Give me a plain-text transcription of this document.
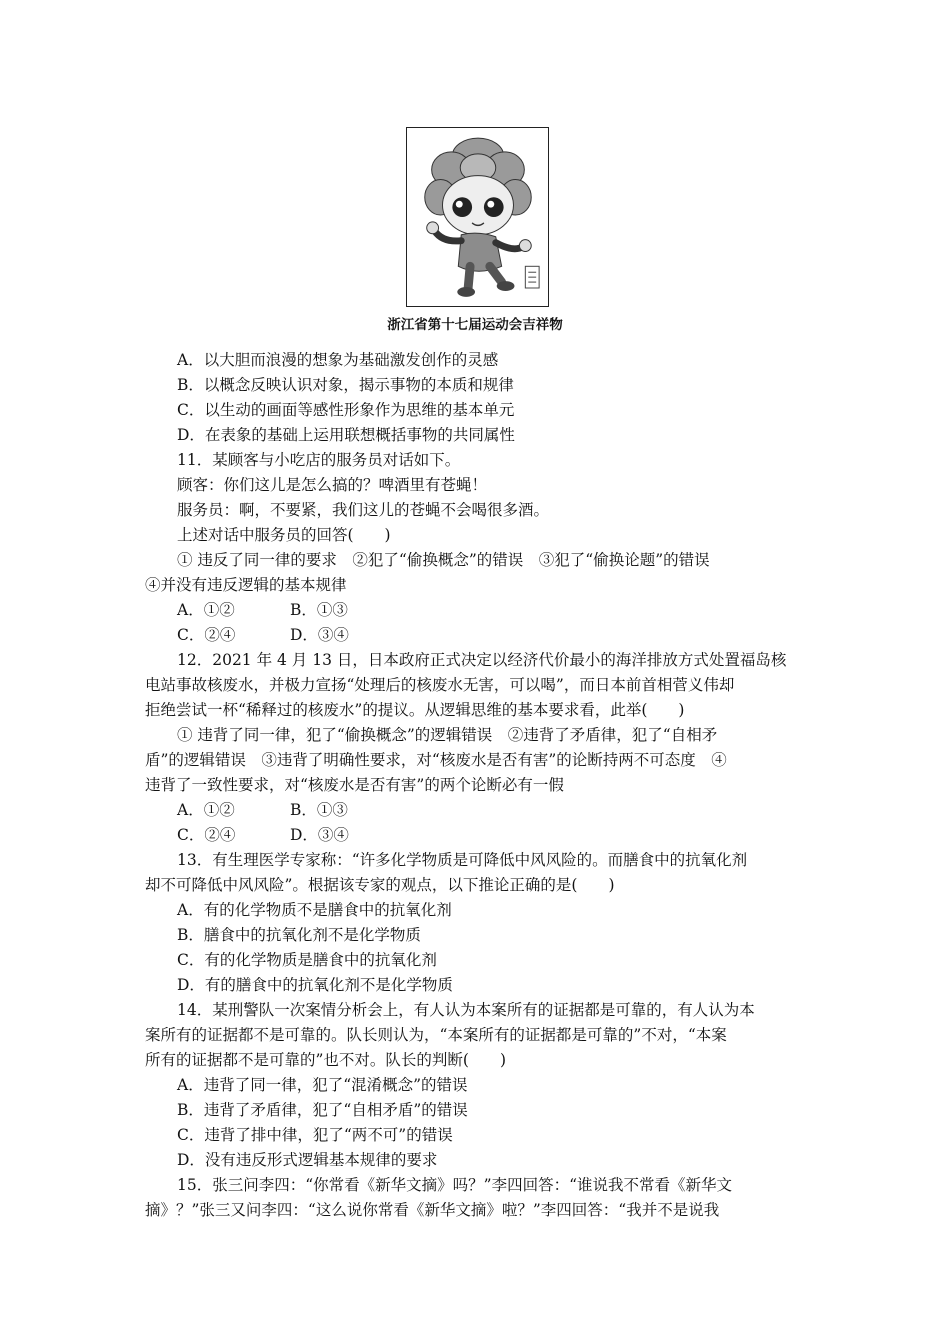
浙江省第十七届运动会吉祥物
A．以大胆而浪漫的想象为基础激发创作的灵感
B．以概念反映认识对象，揭示事物的本质和规律
C．以生动的画面等感性形象作为思维的基本单元
D．在表象的基础上运用联想概括事物的共同属性
11．某顾客与小吃店的服务员对话如下。
顾客：你们这儿是怎么搞的？啤酒里有苍蝇！
服务员：啊，不要紧，我们这儿的苍蝇不会喝很多酒。
上述对话中服务员的回答(　　)
① 违反了同一律的要求　②犯了“偷换概念”的错误　③犯了“偷换论题”的错误
④并没有违反逻辑的基本规律
A．①②	B．①③
C．②④	D．③④
12．2021 年 4 月 13 日，日本政府正式决定以经济代价最小的海洋排放方式处置福岛核
电站事故核废水，并极力宣扬“处理后的核废水无害，可以喝”，而日本前首相菅义伟却
拒绝尝试一杯“稀释过的核废水”的提议。从逻辑思维的基本要求看，此举(　　)
① 违背了同一律，犯了“偷换概念”的逻辑错误　②违背了矛盾律，犯了“自相矛
盾”的逻辑错误　③违背了明确性要求，对“核废水是否有害”的论断持两不可态度　④
违背了一致性要求，对“核废水是否有害”的两个论断必有一假
A．①②	B．①③
C．②④	D．③④
13．有生理医学专家称：“许多化学物质是可降低中风风险的。而膳食中的抗氧化剂
却不可降低中风风险”。根据该专家的观点，以下推论正确的是(　　)
A．有的化学物质不是膳食中的抗氧化剂
B．膳食中的抗氧化剂不是化学物质
C．有的化学物质是膳食中的抗氧化剂
D．有的膳食中的抗氧化剂不是化学物质
14．某刑警队一次案情分析会上，有人认为本案所有的证据都是可靠的，有人认为本
案所有的证据都不是可靠的。队长则认为，“本案所有的证据都是可靠的”不对，“本案
所有的证据都不是可靠的”也不对。队长的判断(　　)
A．违背了同一律，犯了“混淆概念”的错误
B．违背了矛盾律，犯了“自相矛盾”的错误
C．违背了排中律，犯了“两不可”的错误
D．没有违反形式逻辑基本规律的要求
15．张三问李四：“你常看《新华文摘》吗？”李四回答：“谁说我不常看《新华文
摘》？”张三又问李四：“这么说你常看《新华文摘》啦？”李四回答：“我并不是说我
